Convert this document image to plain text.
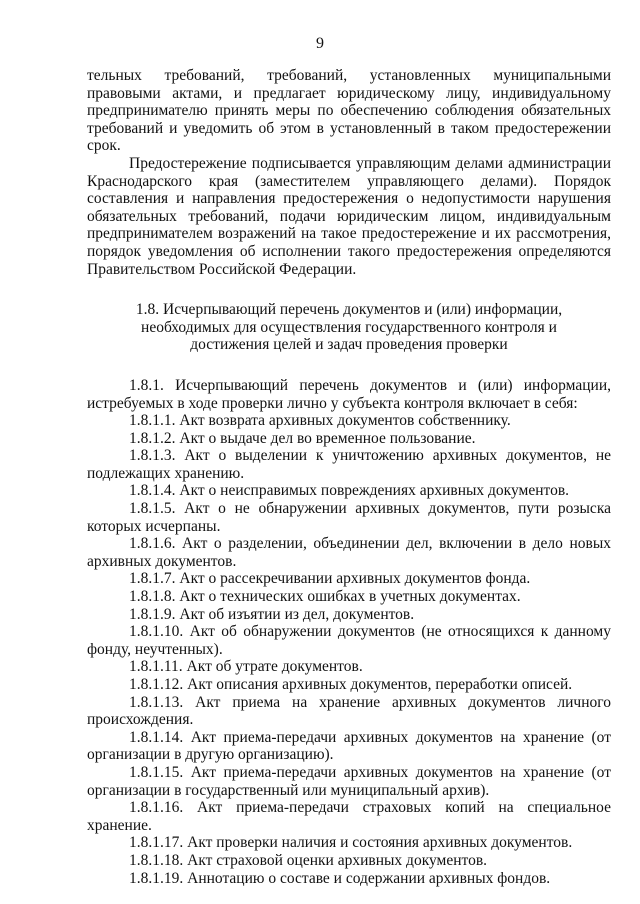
9

тельных требований, требований, установленных муниципальными правовыми актами, и предлагает юридическому лицу, индивидуальному предпринимателю принять меры по обеспечению соблюдения обязательных требований и уведомить об этом в установленный в таком предостережении срок.

Предостережение подписывается управляющим делами администрации Краснодарского края (заместителем управляющего делами). Порядок составления и направления предостережения о недопустимости нарушения обязательных требований, подачи юридическим лицом, индивидуальным предпринимателем возражений на такое предостережение и их рассмотрения, порядок уведомления об исполнении такого предостережения определяются Правительством Российской Федерации.

1.8. Исчерпывающий перечень документов и (или) информации,

необходимых для осуществления государственного контроля и

достижения целей и задач проведения проверки

1.8.1. Исчерпывающий перечень документов и (или) информации, истребуемых в ходе проверки лично у субъекта контроля включает в себя:

1.8.1.1. Акт возврата архивных документов собственнику.

1.8.1.2. Акт о выдаче дел во временное пользование.

1.8.1.3. Акт о выделении к уничтожению архивных документов, не подлежащих хранению.

1.8.1.4. Акт о неисправимых повреждениях архивных документов.

1.8.1.5. Акт о не обнаружении архивных документов, пути розыска которых исчерпаны.

1.8.1.6. Акт о разделении, объединении дел, включении в дело новых архивных документов.

1.8.1.7. Акт о рассекречивании архивных документов фонда.

1.8.1.8. Акт о технических ошибках в учетных документах.

1.8.1.9. Акт об изъятии из дел, документов.

1.8.1.10. Акт об обнаружении документов (не относящихся к данному фонду, неучтенных).

1.8.1.11. Акт об утрате документов.

1.8.1.12. Акт описания архивных документов, переработки описей.

1.8.1.13. Акт приема на хранение архивных документов личного происхождения.

1.8.1.14. Акт приема-передачи архивных документов на хранение (от организации в другую организацию).

1.8.1.15. Акт приема-передачи архивных документов на хранение (от организации в государственный или муниципальный архив).

1.8.1.16. Акт приема-передачи страховых копий на специальное хранение.

1.8.1.17. Акт проверки наличия и состояния архивных документов.

1.8.1.18. Акт страховой оценки архивных документов.

1.8.1.19. Аннотацию о составе и содержании архивных фондов.
